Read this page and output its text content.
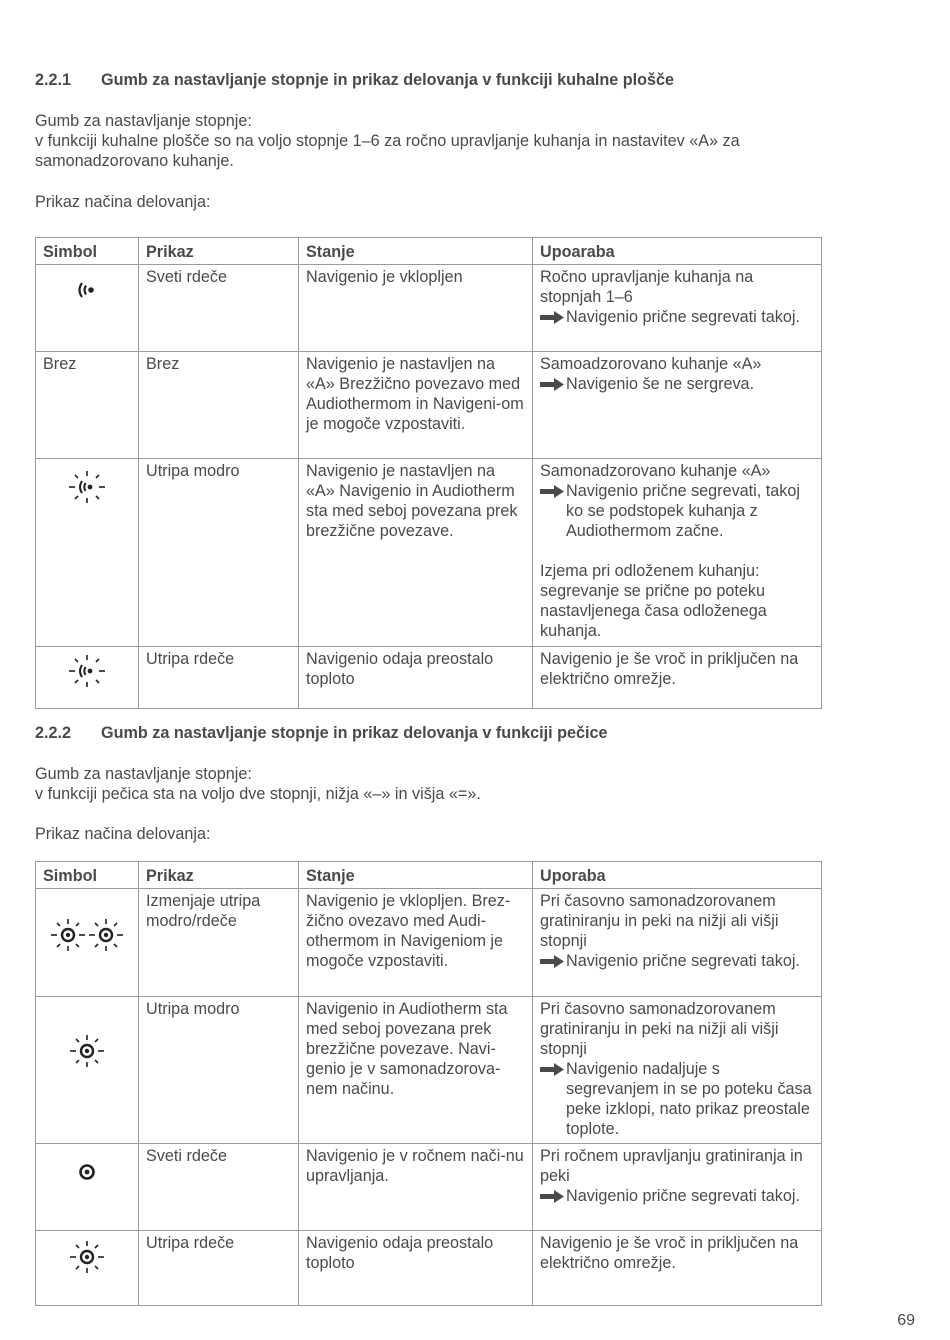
2.2.1 Gumb za nastavljanje stopnje in prikaz delovanja v funkciji kuhalne plošče
Gumb za nastavljanje stopnje:
v funkciji kuhalne plošče so na voljo stopnje 1–6 za ročno upravljanje kuhanja in nastavitev «A» za
samonadzorovano kuhanje.
Prikaz načina delovanja:
Simbol	Prikaz	Stanje	Upoaraba

	Sveti rdeče	Navigenio je vklopljen	Ročno upravljanje kuhanja na stopnjah 1–6
Navigenio prične segrevati takoj.

Brez	Brez	Navigenio je nastavljen na «A» Brezžično povezavo med Audiothermom in Navigeni-om je mogoče vzpostaviti.	Samoadzorovano kuhanje «A»
Navigenio še ne sergreva.

	Utripa modro	Navigenio je nastavljen na «A» Navigenio in Audiotherm sta med seboj povezana prek brezžične povezave.	Samonadzorovano kuhanje «A»
Navigenio prične segrevati, takoj ko se podstopek kuhanja z Audiothermom začne.
Izjema pri odloženem kuhanju: segrevanje se prične po poteku nastavljenega časa odloženega kuhanja.

	Utripa rdeče	Navigenio odaja preostalo toploto	Navigenio je še vroč in priključen na električno omrežje.
2.2.2 Gumb za nastavljanje stopnje in prikaz delovanja v funkciji pečice
Gumb za nastavljanje stopnje:
v funkciji pečica sta na voljo dve stopnji, nižja «–» in višja «=».
Prikaz načina delovanja:
Simbol	Prikaz	Stanje	Uporaba

	Izmenjaje utripa modro/rdeče	Navigenio je vklopljen. Brez-žično ovezavo med Audi-othermom in Navigeniom je mogoče vzpostaviti.	Pri časovno samonadzorovanem gratiniranju in peki na nižji ali višji stopnji
Navigenio prične segrevati takoj.

	Utripa modro	Navigenio in Audiotherm sta med seboj povezana prek brezžične povezave. Navi-genio je v samonadzorova-nem načinu.	Pri časovno samonadzorovanem gratiniranju in peki na nižji ali višji stopnji
Navigenio nadaljuje s segrevanjem in se po poteku časa peke izklopi, nato prikaz preostale toplote.

	Sveti rdeče	Navigenio je v ročnem nači-nu upravljanja.	Pri ročnem upravljanju gratiniranja in peki
Navigenio prične segrevati takoj.

	Utripa rdeče	Navigenio odaja preostalo toploto	Navigenio je še vroč in priključen na električno omrežje.
69
